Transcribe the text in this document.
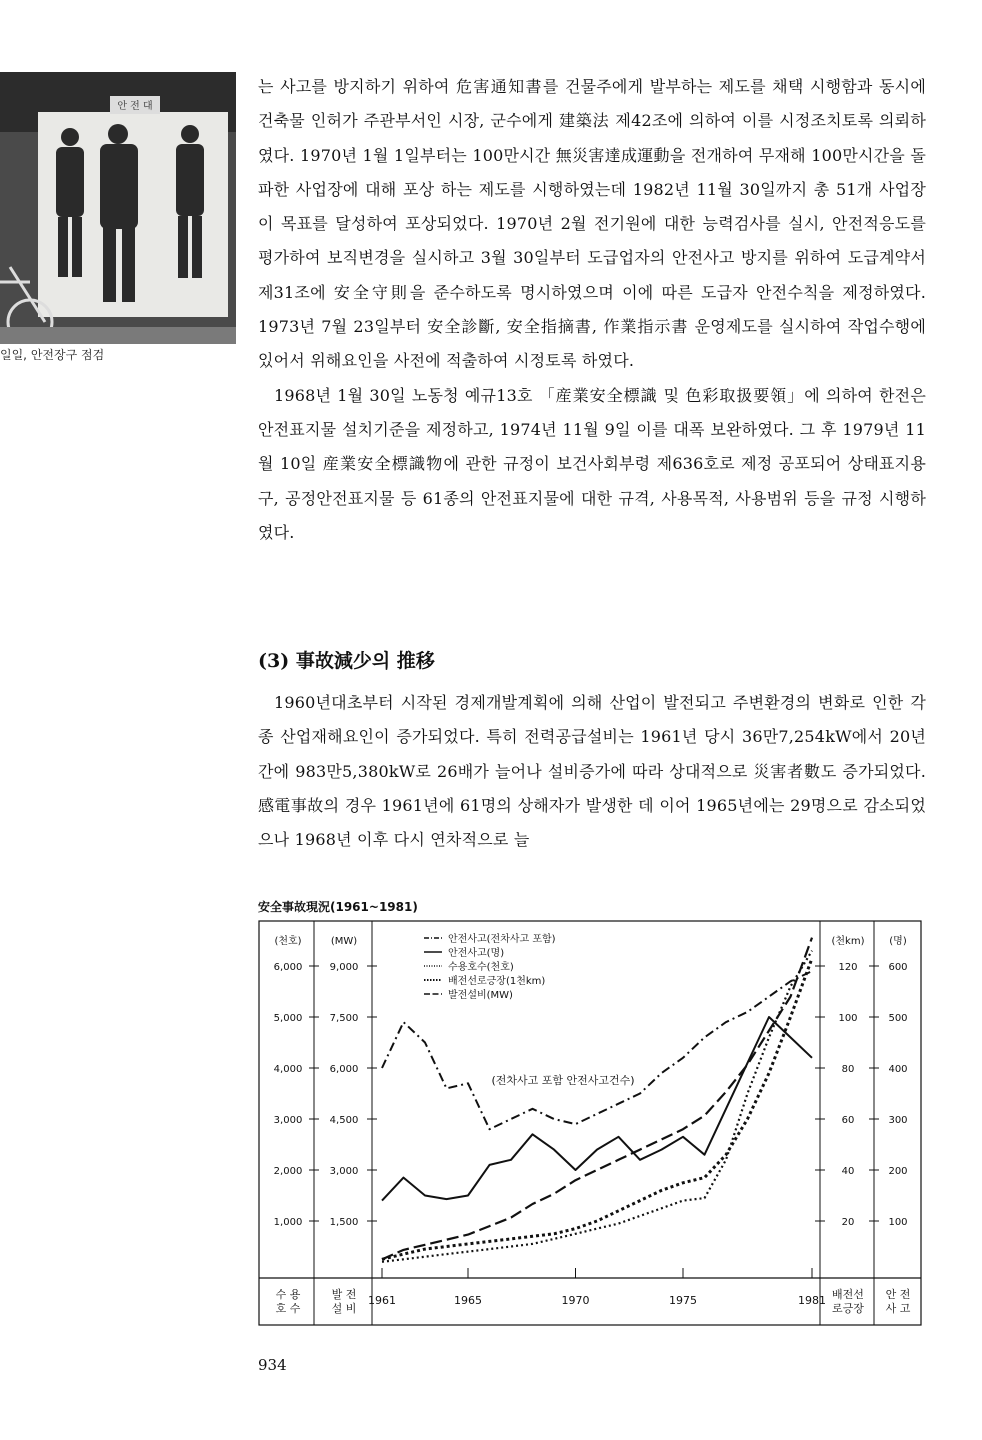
안 전 대
일일, 안전장구 점검

는 사고를 방지하기 위하여 危害通知書를 건물주에게 발부하는 제도를 채택 시행함과 동시에 건축물 인허가 주관부서인 시장, 군수에게 建築法 제42조에 의하여 이를 시정조치토록 의뢰하였다. 1970년 1월 1일부터는 100만시간 無災害達成運動을 전개하여 무재해 100만시간을 돌파한 사업장에 대해 포상 하는 제도를 시행하였는데 1982년 11월 30일까지 총 51개 사업장이 목표를 달성하여 포상되었다. 1970년 2월 전기원에 대한 능력검사를 실시, 안전적응도를 평가하여 보직변경을 실시하고 3월 30일부터 도급업자의 안전사고 방지를 위하여 도급계약서 제31조에 安全守則을 준수하도록 명시하였으며 이에 따른 도급자 안전수칙을 제정하였다. 1973년 7월 23일부터 安全診斷, 安全指摘書, 作業指示書 운영제도를 실시하여 작업수행에 있어서 위해요인을 사전에 적출하여 시정토록 하였다.

1968년 1월 30일 노동청 예규13호 「産業安全標識 및 色彩取扱要領」에 의하여 한전은 안전표지물 설치기준을 제정하고, 1974년 11월 9일 이를 대폭 보완하였다. 그 후 1979년 11월 10일 産業安全標識物에 관한 규정이 보건사회부령 제636호로 제정 공포되어 상태표지용구, 공정안전표지물 등 61종의 안전표지물에 대한 규격, 사용목적, 사용범위 등을 규정 시행하였다.

(3) 事故減少의 推移

1960년대초부터 시작된 경제개발계획에 의해 산업이 발전되고 주변환경의 변화로 인한 각종 산업재해요인이 증가되었다. 특히 전력공급설비는 1961년 당시 36만7,254kW에서 20년간에 983만5,380kW로 26배가 늘어나 설비증가에 따라 상대적으로 災害者數도 증가되었다. 感電事故의 경우 1961년에 61명의 상해자가 발생한 데 이어 1965년에는 29명으로 감소되었으나 1968년 이후 다시 연차적으로 늘

安全事故現況(1961~1981)
(천호)
1,000
2,000
3,000
4,000
5,000
6,000
수 용
호 수
(MW)
1,500
3,000
4,500
6,000
7,500
9,000
발 전
설 비
(천km)
20
40
60
80
100
120
배전선
로긍장
(명)
100
200
300
400
500
600
안 전
사 고
1961	1965	1970	1975	1981
안전사고(전차사고 포함)
안전사고(명)
수용호수(천호)
배전선로긍장(1천km)
발전설비(MW)
(전차사고 포함 안전사고건수)
934
